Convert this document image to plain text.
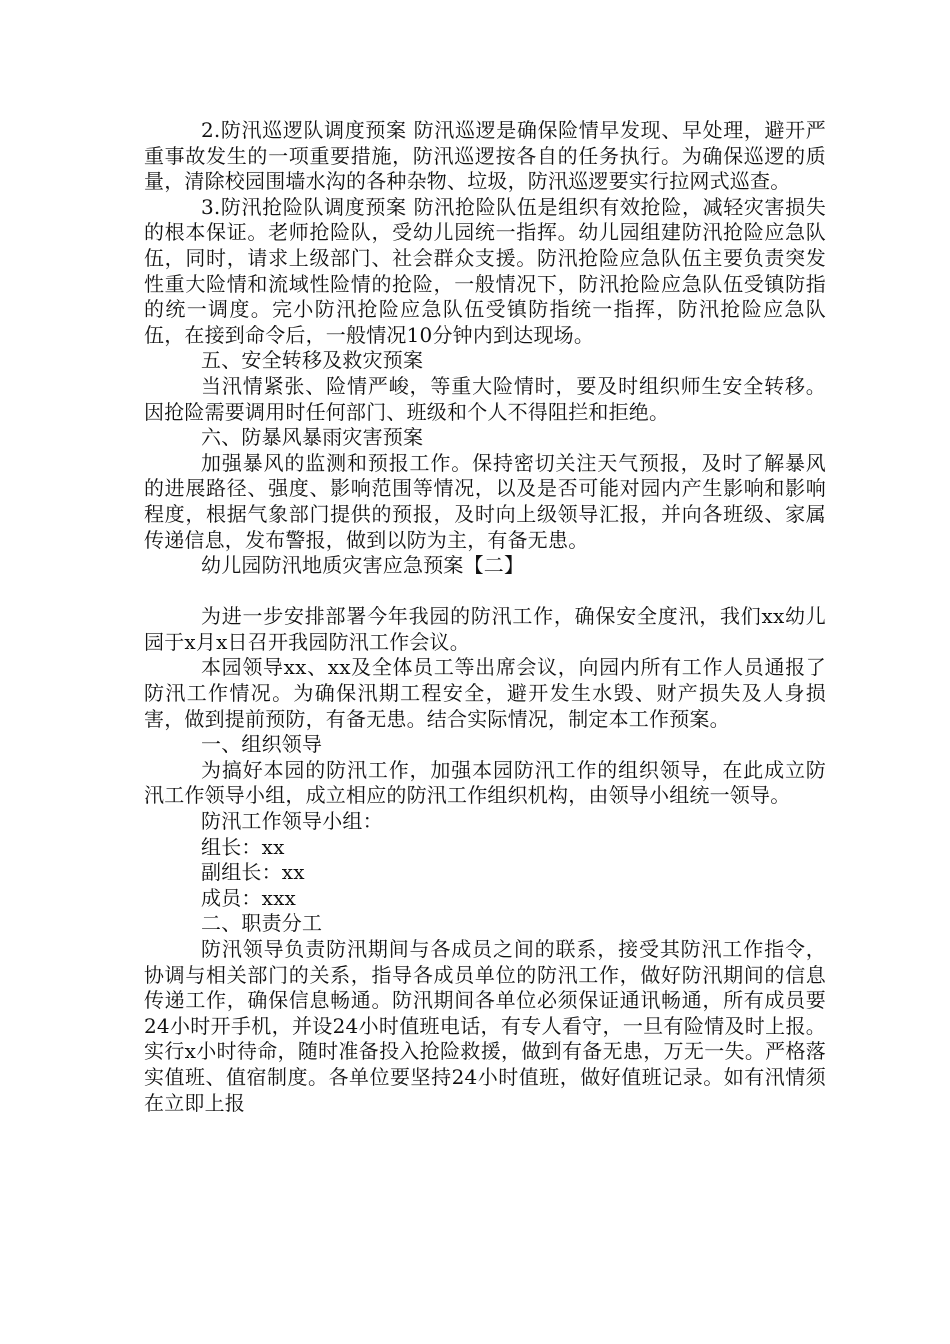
2.防汛巡逻队调度预案 防汛巡逻是确保险情早发现、早处理，避开严重事故发生的一项重要措施，防汛巡逻按各自的任务执行。为确保巡逻的质量，清除校园围墙水沟的各种杂物、垃圾，防汛巡逻要实行拉网式巡查。

3.防汛抢险队调度预案 防汛抢险队伍是组织有效抢险，减轻灾害损失的根本保证。老师抢险队，受幼儿园统一指挥。幼儿园组建防汛抢险应急队伍，同时，请求上级部门、社会群众支援。防汛抢险应急队伍主要负责突发性重大险情和流域性险情的抢险，一般情况下，防汛抢险应急队伍受镇防指的统一调度。完小防汛抢险应急队伍受镇防指统一指挥，防汛抢险应急队伍，在接到命令后，一般情况10分钟内到达现场。

五、安全转移及救灾预案

当汛情紧张、险情严峻，等重大险情时，要及时组织师生安全转移。因抢险需要调用时任何部门、班级和个人不得阻拦和拒绝。

六、防暴风暴雨灾害预案

加强暴风的监测和预报工作。保持密切关注天气预报，及时了解暴风的进展路径、强度、影响范围等情况，以及是否可能对园内产生影响和影响程度，根据气象部门提供的预报，及时向上级领导汇报，并向各班级、家属传递信息，发布警报，做到以防为主，有备无患。

幼儿园防汛地质灾害应急预案【二】

为进一步安排部署今年我园的防汛工作，确保安全度汛，我们xx幼儿园于x月x日召开我园防汛工作会议。

本园领导xx、xx及全体员工等出席会议，向园内所有工作人员通报了防汛工作情况。为确保汛期工程安全，避开发生水毁、财产损失及人身损害，做到提前预防，有备无患。结合实际情况，制定本工作预案。

一、组织领导

为搞好本园的防汛工作，加强本园防汛工作的组织领导，在此成立防汛工作领导小组，成立相应的防汛工作组织机构，由领导小组统一领导。

防汛工作领导小组：

组长：xx

副组长：xx

成员：xxx

二、职责分工

防汛领导负责防汛期间与各成员之间的联系，接受其防汛工作指令，协调与相关部门的关系，指导各成员单位的防汛工作，做好防汛期间的信息传递工作，确保信息畅通。防汛期间各单位必须保证通讯畅通，所有成员要24小时开手机，并设24小时值班电话，有专人看守，一旦有险情及时上报。实行x小时待命，随时准备投入抢险救援，做到有备无患，万无一失。严格落实值班、值宿制度。各单位要坚持24小时值班，做好值班记录。如有汛情须在立即上报
